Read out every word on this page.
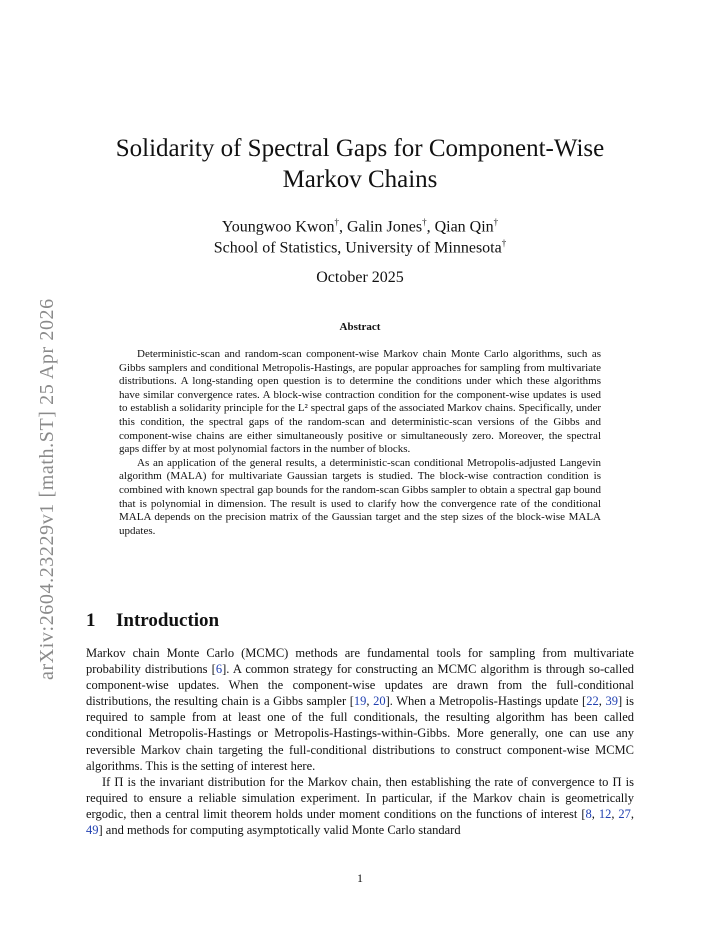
arXiv:2604.23229v1 [math.ST] 25 Apr 2026
Solidarity of Spectral Gaps for Component-Wise Markov Chains
Youngwoo Kwon†, Galin Jones†, Qian Qin†
School of Statistics, University of Minnesota†
October 2025
Abstract

Deterministic-scan and random-scan component-wise Markov chain Monte Carlo algorithms, such as Gibbs samplers and conditional Metropolis-Hastings, are popular approaches for sampling from multivariate distributions. A long-standing open question is to determine the conditions under which these algorithms have similar convergence rates. A block-wise contraction condition for the component-wise updates is used to establish a solidarity principle for the L² spectral gaps of the associated Markov chains. Specifically, under this condition, the spectral gaps of the random-scan and deterministic-scan versions of the Gibbs and component-wise chains are either simultaneously positive or simultaneously zero. Moreover, the spectral gaps differ by at most polynomial factors in the number of blocks.

As an application of the general results, a deterministic-scan conditional Metropolis-adjusted Langevin algorithm (MALA) for multivariate Gaussian targets is studied. The block-wise contraction condition is combined with known spectral gap bounds for the random-scan Gibbs sampler to obtain a spectral gap bound that is polynomial in dimension. The result is used to clarify how the convergence rate of the conditional MALA depends on the precision matrix of the Gaussian target and the step sizes of the block-wise MALA updates.

1 Introduction

Markov chain Monte Carlo (MCMC) methods are fundamental tools for sampling from multivariate probability distributions [6]. A common strategy for constructing an MCMC algorithm is through so-called component-wise updates. When the component-wise updates are drawn from the full-conditional distributions, the resulting chain is a Gibbs sampler [19, 20]. When a Metropolis-Hastings update [22, 39] is required to sample from at least one of the full conditionals, the resulting algorithm has been called conditional Metropolis-Hastings or Metropolis-Hastings-within-Gibbs. More generally, one can use any reversible Markov chain targeting the full-conditional distributions to construct component-wise MCMC algorithms. This is the setting of interest here.

If Π is the invariant distribution for the Markov chain, then establishing the rate of convergence to Π is required to ensure a reliable simulation experiment. In particular, if the Markov chain is geometrically ergodic, then a central limit theorem holds under moment conditions on the functions of interest [8, 12, 27, 49] and methods for computing asymptotically valid Monte Carlo standard

1
